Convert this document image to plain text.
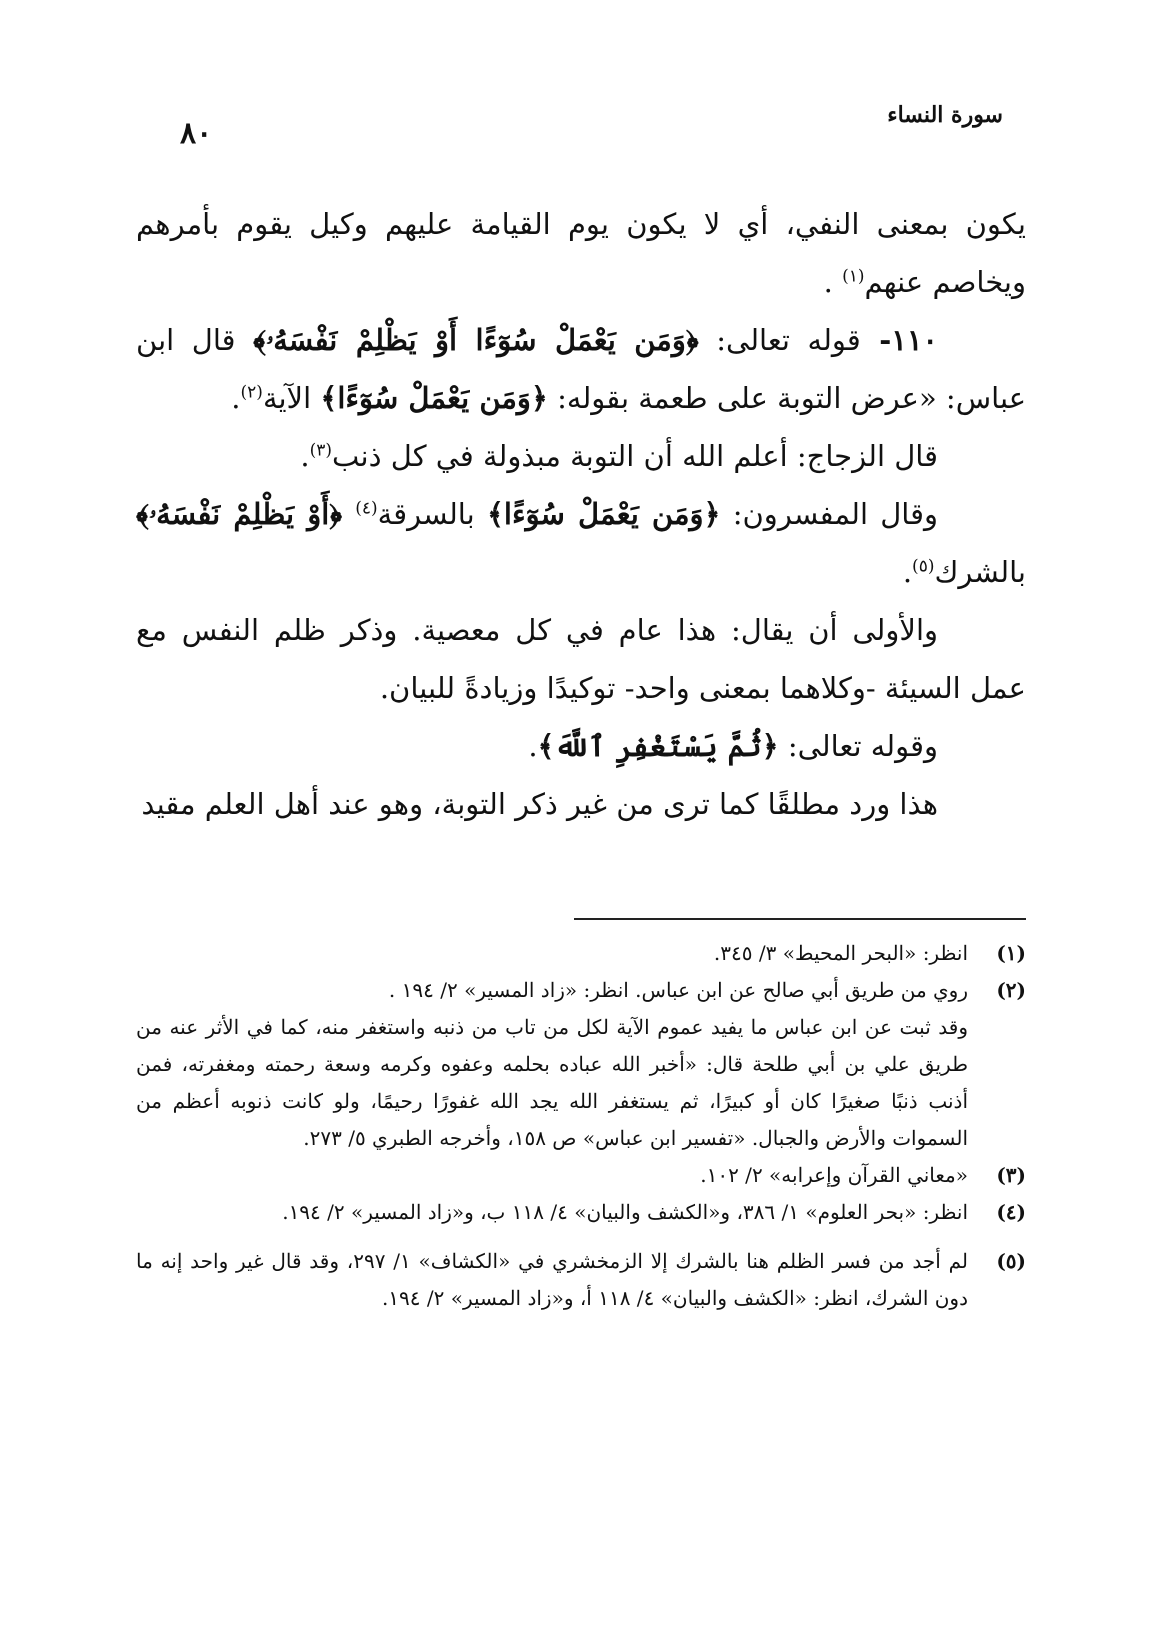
٨٠
سورة النساء

يكون بمعنى النفي، أي لا يكون يوم القيامة عليهم وكيل يقوم بأمرهم ويخاصم عنهم$^{(١)}$ .

١١٠- قوله تعالى: ﴿وَمَن يَعْمَلْ سُوٓءًا أَوْ يَظْلِمْ نَفْسَهُۥ﴾ قال ابن عباس: «عرض التوبة على طعمة بقوله: ﴿وَمَن يَعْمَلْ سُوٓءًا﴾ الآية$^{(٢)}$.

قال الزجاج: أعلم الله أن التوبة مبذولة في كل ذنب$^{(٣)}$.

وقال المفسرون: ﴿وَمَن يَعْمَلْ سُوٓءًا﴾ بالسرقة$^{(٤)}$ ﴿أَوْ يَظْلِمْ نَفْسَهُۥ﴾ بالشرك$^{(٥)}$.

والأولى أن يقال: هذا عام في كل معصية. وذكر ظلم النفس مع عمل السيئة -وكلاهما بمعنى واحد- توكيدًا وزيادةً للبيان.

وقوله تعالى: ﴿ثُمَّ يَسْتَغْفِرِ ٱللَّهَ﴾.

هذا ورد مطلقًا كما ترى من غير ذكر التوبة، وهو عند أهل العلم مقيد

(١)

انظر: «البحر المحيط» ٣/ ٣٤٥.

(٢)

روي من طريق أبي صالح عن ابن عباس. انظر: «زاد المسير» ٢/ ١٩٤ .

وقد ثبت عن ابن عباس ما يفيد عموم الآية لكل من تاب من ذنبه واستغفر منه، كما في الأثر عنه من طريق علي بن أبي طلحة قال: «أخبر الله عباده بحلمه وعفوه وكرمه وسعة رحمته ومغفرته، فمن أذنب ذنبًا صغيرًا كان أو كبيرًا، ثم يستغفر الله يجد الله غفورًا رحيمًا، ولو كانت ذنوبه أعظم من السموات والأرض والجبال. «تفسير ابن عباس» ص ١٥٨، وأخرجه الطبري ٥/ ٢٧٣.

(٣)

«معاني القرآن وإعرابه» ٢/ ١٠٢.

(٤)

انظر: «بحر العلوم» ١/ ٣٨٦، و«الكشف والبيان» ٤/ ١١٨ ب، و«زاد المسير» ٢/ ١٩٤.

(٥)

لم أجد من فسر الظلم هنا بالشرك إلا الزمخشري في «الكشاف» ١/ ٢٩٧، وقد قال غير واحد إنه ما دون الشرك، انظر: «الكشف والبيان» ٤/ ١١٨ أ، و«زاد المسير» ٢/ ١٩٤.
